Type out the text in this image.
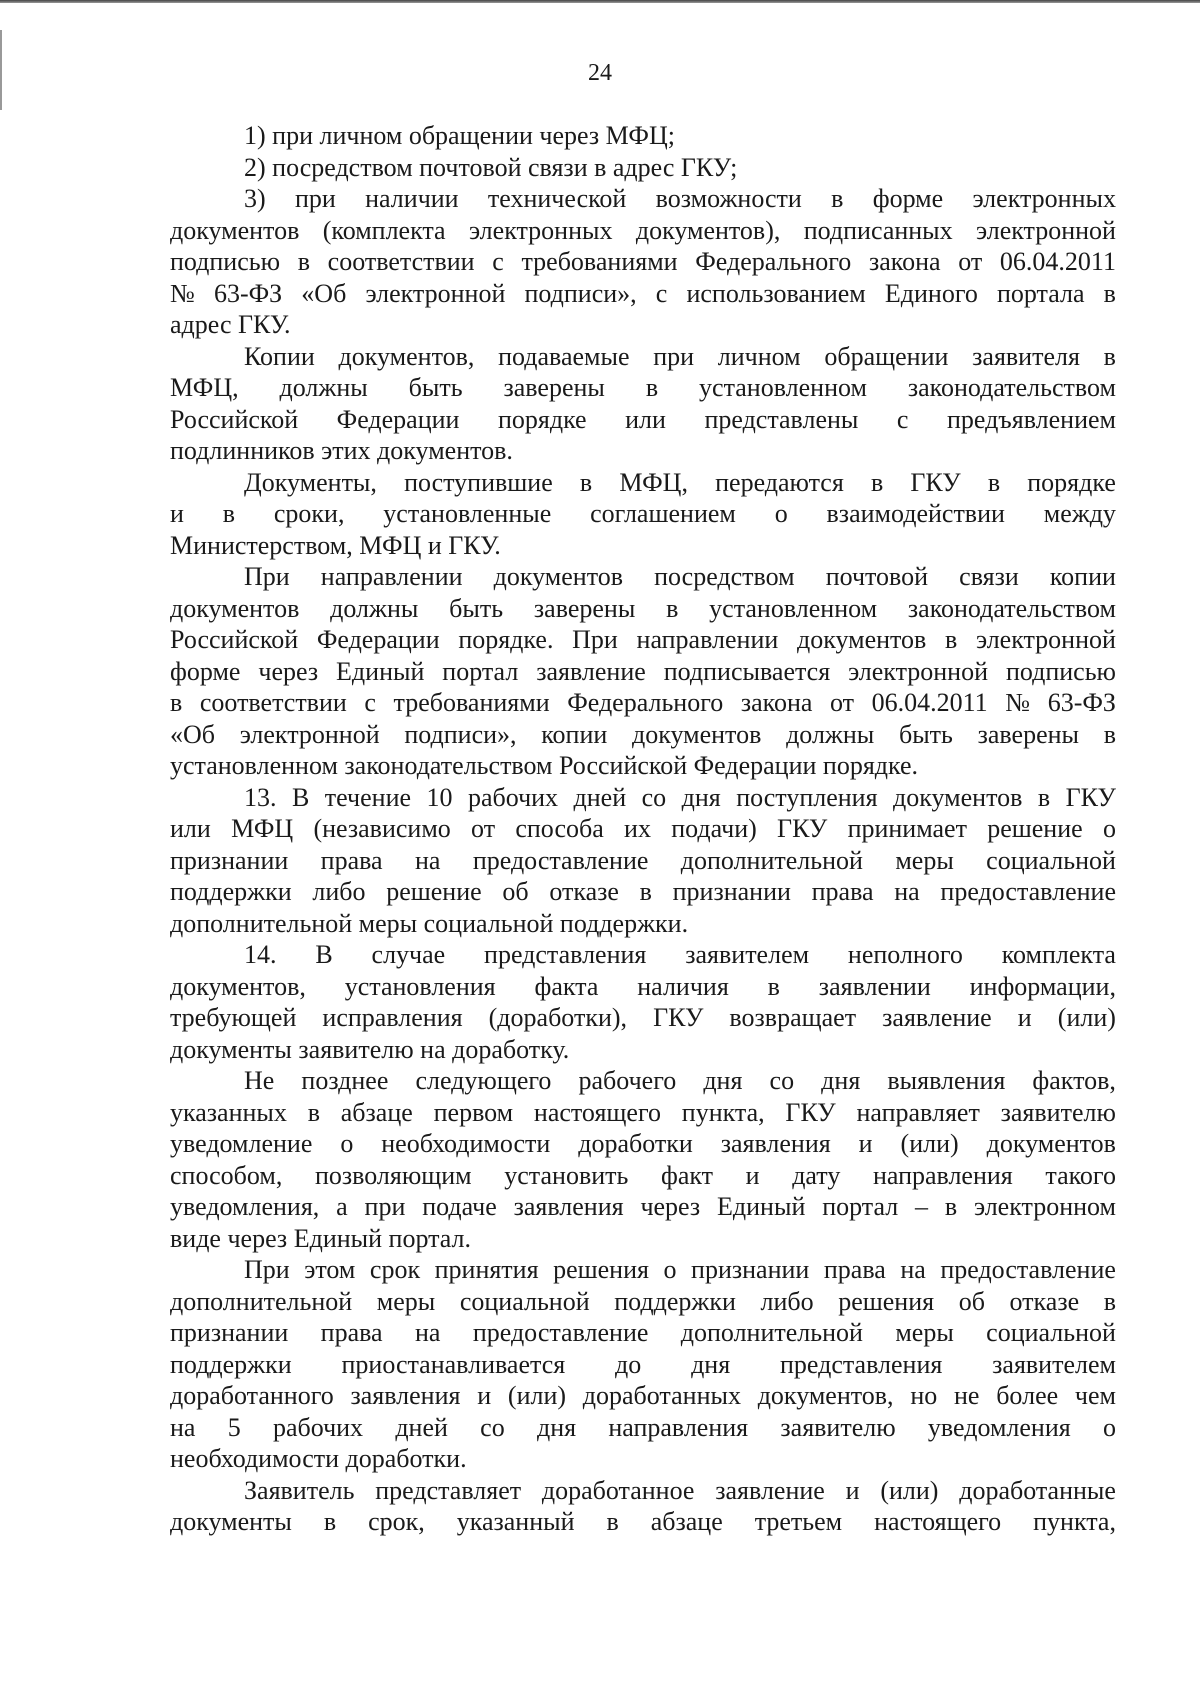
24
1) при личном обращении через МФЦ;
2) посредством почтовой связи в адрес ГКУ;
3) при наличии технической возможности в форме электронных
документов (комплекта электронных документов), подписанных электронной
подписью в соответствии с требованиями Федерального закона от 06.04.2011
№ 63-ФЗ «Об электронной подписи», с использованием Единого портала в
адрес ГКУ.
Копии документов, подаваемые при личном обращении заявителя в
МФЦ, должны быть заверены в установленном законодательством
Российской Федерации порядке или представлены с предъявлением
подлинников этих документов.
Документы, поступившие в МФЦ, передаются в ГКУ в порядке
и в сроки, установленные соглашением о взаимодействии между
Министерством, МФЦ и ГКУ.
При направлении документов посредством почтовой связи копии
документов должны быть заверены в установленном законодательством
Российской Федерации порядке. При направлении документов в электронной
форме через Единый портал заявление подписывается электронной подписью
в соответствии с требованиями Федерального закона от 06.04.2011 № 63-ФЗ
«Об электронной подписи», копии документов должны быть заверены в
установленном законодательством Российской Федерации порядке.
13. В течение 10 рабочих дней со дня поступления документов в ГКУ
или МФЦ (независимо от способа их подачи) ГКУ принимает решение о
признании права на предоставление дополнительной меры социальной
поддержки либо решение об отказе в признании права на предоставление
дополнительной меры социальной поддержки.
14. В случае представления заявителем неполного комплекта
документов, установления факта наличия в заявлении информации,
требующей исправления (доработки), ГКУ возвращает заявление и (или)
документы заявителю на доработку.
Не позднее следующего рабочего дня со дня выявления фактов,
указанных в абзаце первом настоящего пункта, ГКУ направляет заявителю
уведомление о необходимости доработки заявления и (или) документов
способом, позволяющим установить факт и дату направления такого
уведомления, а при подаче заявления через Единый портал – в электронном
виде через Единый портал.
При этом срок принятия решения о признании права на предоставление
дополнительной меры социальной поддержки либо решения об отказе в
признании права на предоставление дополнительной меры социальной
поддержки приостанавливается до дня представления заявителем
доработанного заявления и (или) доработанных документов, но не более чем
на 5 рабочих дней со дня направления заявителю уведомления о
необходимости доработки.
Заявитель представляет доработанное заявление и (или) доработанные
документы в срок, указанный в абзаце третьем настоящего пункта,
